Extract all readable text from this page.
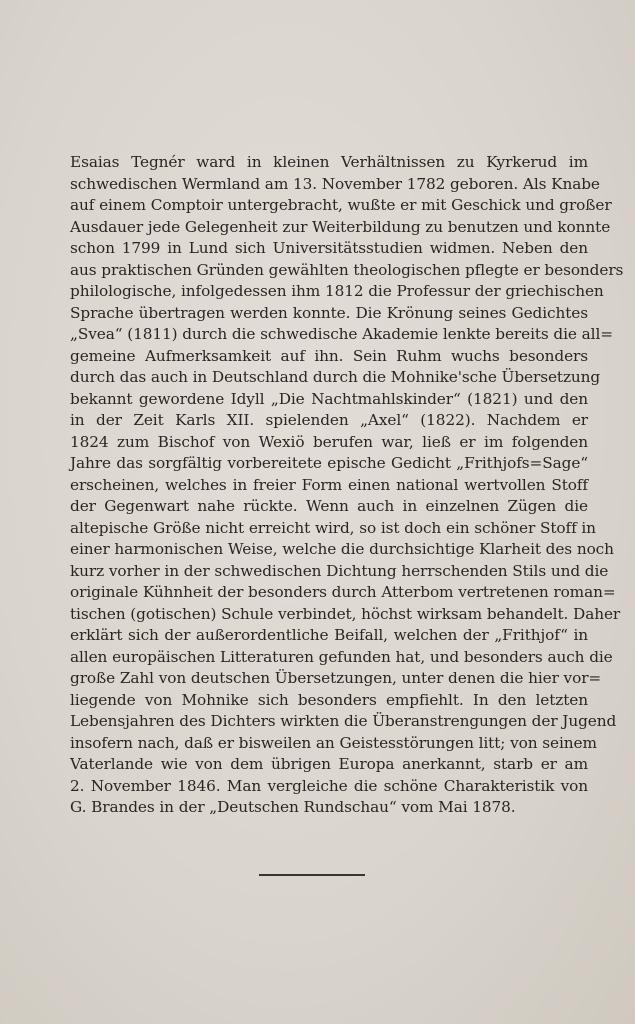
Esaias Tegnér ward in kleinen Verhältnissen zu Kyrkerud im
schwedischen Wermland am 13. November 1782 geboren. Als Knabe
auf einem Comptoir untergebracht, wußte er mit Geschick und großer
Ausdauer jede Gelegenheit zur Weiterbildung zu benutzen und konnte
schon 1799 in Lund sich Universitätsstudien widmen. Neben den
aus praktischen Gründen gewählten theologischen pflegte er besonders
philologische, infolgedessen ihm 1812 die Professur der griechischen
Sprache übertragen werden konnte. Die Krönung seines Gedichtes
„Svea“ (1811) durch die schwedische Akademie lenkte bereits die all=
gemeine Aufmerksamkeit auf ihn. Sein Ruhm wuchs besonders
durch das auch in Deutschland durch die Mohnike'sche Übersetzung
bekannt gewordene Idyll „Die Nachtmahlskinder“ (1821) und den
in der Zeit Karls XII. spielenden „Axel“ (1822). Nachdem er
1824 zum Bischof von Wexiö berufen war, ließ er im folgenden
Jahre das sorgfältig vorbereitete epische Gedicht „Frithjofs=Sage“
erscheinen, welches in freier Form einen national wertvollen Stoff
der Gegenwart nahe rückte. Wenn auch in einzelnen Zügen die
altepische Größe nicht erreicht wird, so ist doch ein schöner Stoff in
einer harmonischen Weise, welche die durchsichtige Klarheit des noch
kurz vorher in der schwedischen Dichtung herrschenden Stils und die
originale Kühnheit der besonders durch Atterbom vertretenen roman=
tischen (gotischen) Schule verbindet, höchst wirksam behandelt. Daher
erklärt sich der außerordentliche Beifall, welchen der „Frithjof“ in
allen europäischen Litteraturen gefunden hat, und besonders auch die
große Zahl von deutschen Übersetzungen, unter denen die hier vor=
liegende von Mohnike sich besonders empfiehlt. In den letzten
Lebensjahren des Dichters wirkten die Überanstrengungen der Jugend
insofern nach, daß er bisweilen an Geistesstörungen litt; von seinem
Vaterlande wie von dem übrigen Europa anerkannt, starb er am
2. November 1846. Man vergleiche die schöne Charakteristik von
G. Brandes in der „Deutschen Rundschau“ vom Mai 1878.
